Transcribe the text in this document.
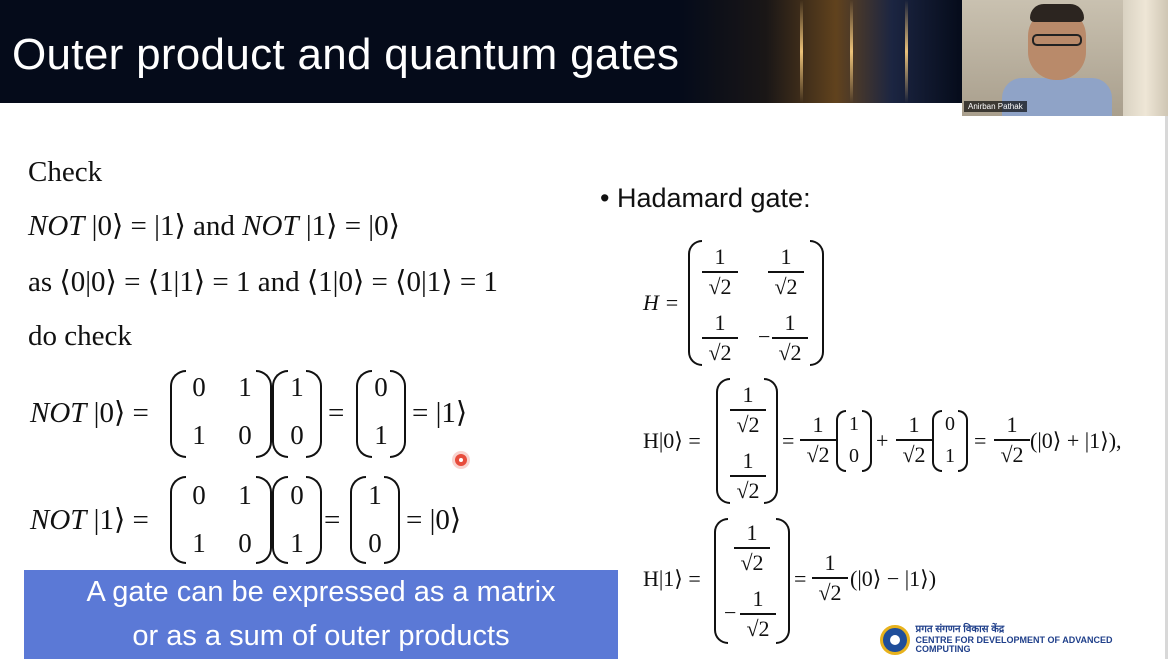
Outer product and quantum gates
Anirban Pathak
Check
NOT |0⟩ = |1⟩ and NOT |1⟩ = |0⟩
as ⟨0|0⟩ = ⟨1|1⟩ = 1 and ⟨1|0⟩ = ⟨0|1⟩ = 1
do check
NOT |0⟩ =
0 1
1 0
1
0
=
0
1
= |1⟩
NOT |1⟩ =
0 1
1 0
0
1
=
1
0
= |0⟩
• Hadamard gate:
H =
1
√2
1
√2
1
√2
−
1
√2
H|0⟩ =
1
√2
1
√2
=
1
√2
1
0
+
1
√2
0
1
=
1
√2
(|0⟩ + |1⟩),
H|1⟩ =
1
√2
−
1
√2
=
1
√2
(|0⟩ − |1⟩)
A gate can be expressed as a matrix
or as a sum of outer products	प्रगत संगणन विकास केंद्र
CENTRE FOR DEVELOPMENT OF ADVANCED COMPUTING
